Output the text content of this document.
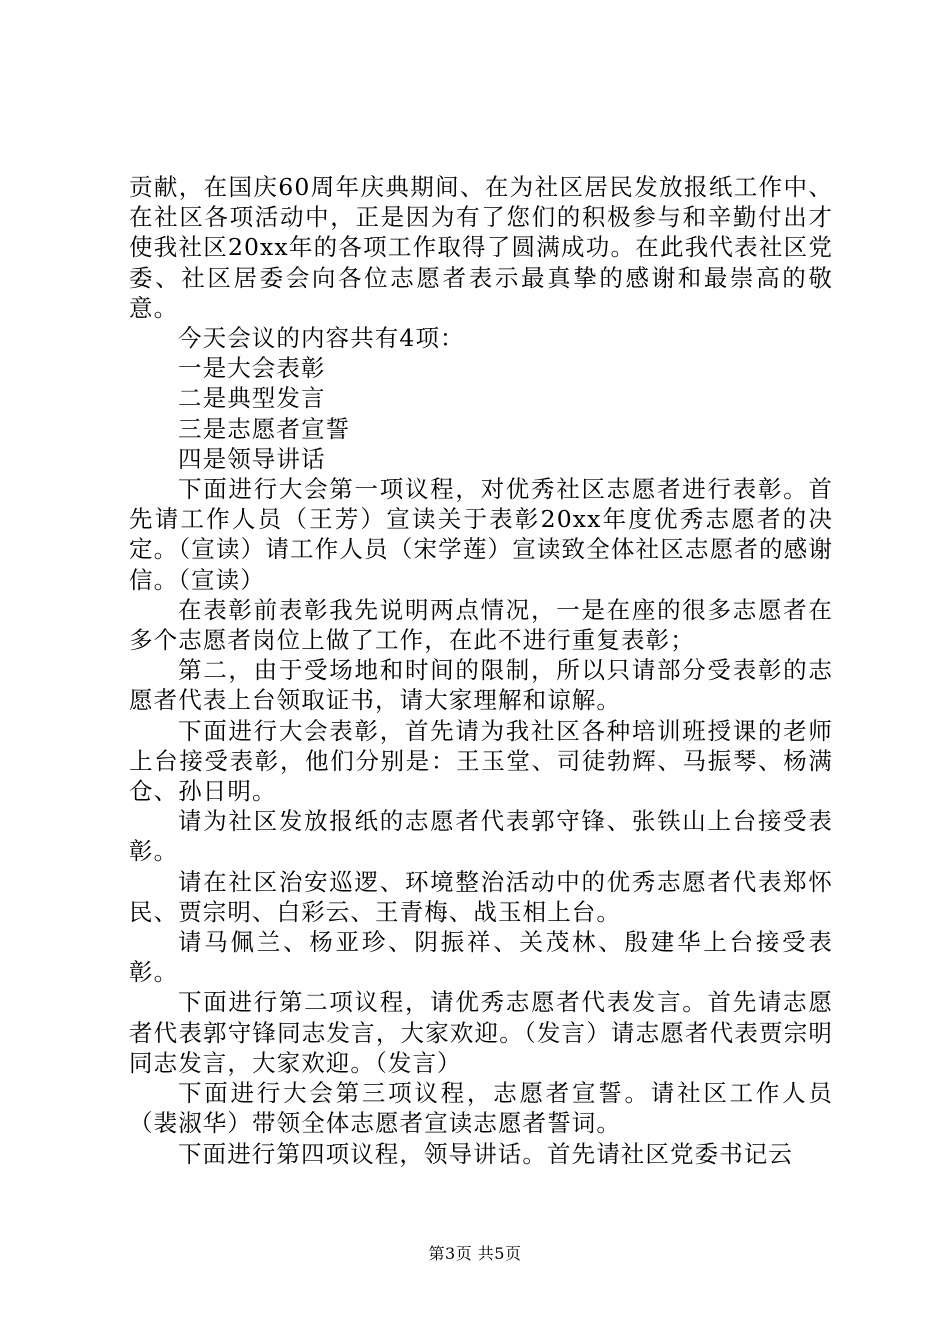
贡献，在国庆60周年庆典期间、在为社区居民发放报纸工作中、在社区各项活动中，正是因为有了您们的积极参与和辛勤付出才使我社区20xx年的各项工作取得了圆满成功。在此我代表社区党委、社区居委会向各位志愿者表示最真挚的感谢和最崇高的敬意。

今天会议的内容共有4项：

一是大会表彰

二是典型发言

三是志愿者宣誓

四是领导讲话

下面进行大会第一项议程，对优秀社区志愿者进行表彰。首先请工作人员（王芳）宣读关于表彰20xx年度优秀志愿者的决定。（宣读）请工作人员（宋学莲）宣读致全体社区志愿者的感谢信。（宣读）

在表彰前表彰我先说明两点情况，一是在座的很多志愿者在多个志愿者岗位上做了工作，在此不进行重复表彰；

第二，由于受场地和时间的限制，所以只请部分受表彰的志愿者代表上台领取证书，请大家理解和谅解。

下面进行大会表彰，首先请为我社区各种培训班授课的老师上台接受表彰，他们分别是：王玉堂、司徒勃辉、马振琴、杨满仓、孙日明。

请为社区发放报纸的志愿者代表郭守锋、张铁山上台接受表彰。

请在社区治安巡逻、环境整治活动中的优秀志愿者代表郑怀民、贾宗明、白彩云、王青梅、战玉相上台。

请马佩兰、杨亚珍、阴振祥、关茂林、殷建华上台接受表彰。

下面进行第二项议程，请优秀志愿者代表发言。首先请志愿者代表郭守锋同志发言，大家欢迎。（发言）请志愿者代表贾宗明同志发言，大家欢迎。（发言）

下面进行大会第三项议程，志愿者宣誓。请社区工作人员（裴淑华）带领全体志愿者宣读志愿者誓词。

下面进行第四项议程，领导讲话。首先请社区党委书记云

第3页 共5页
